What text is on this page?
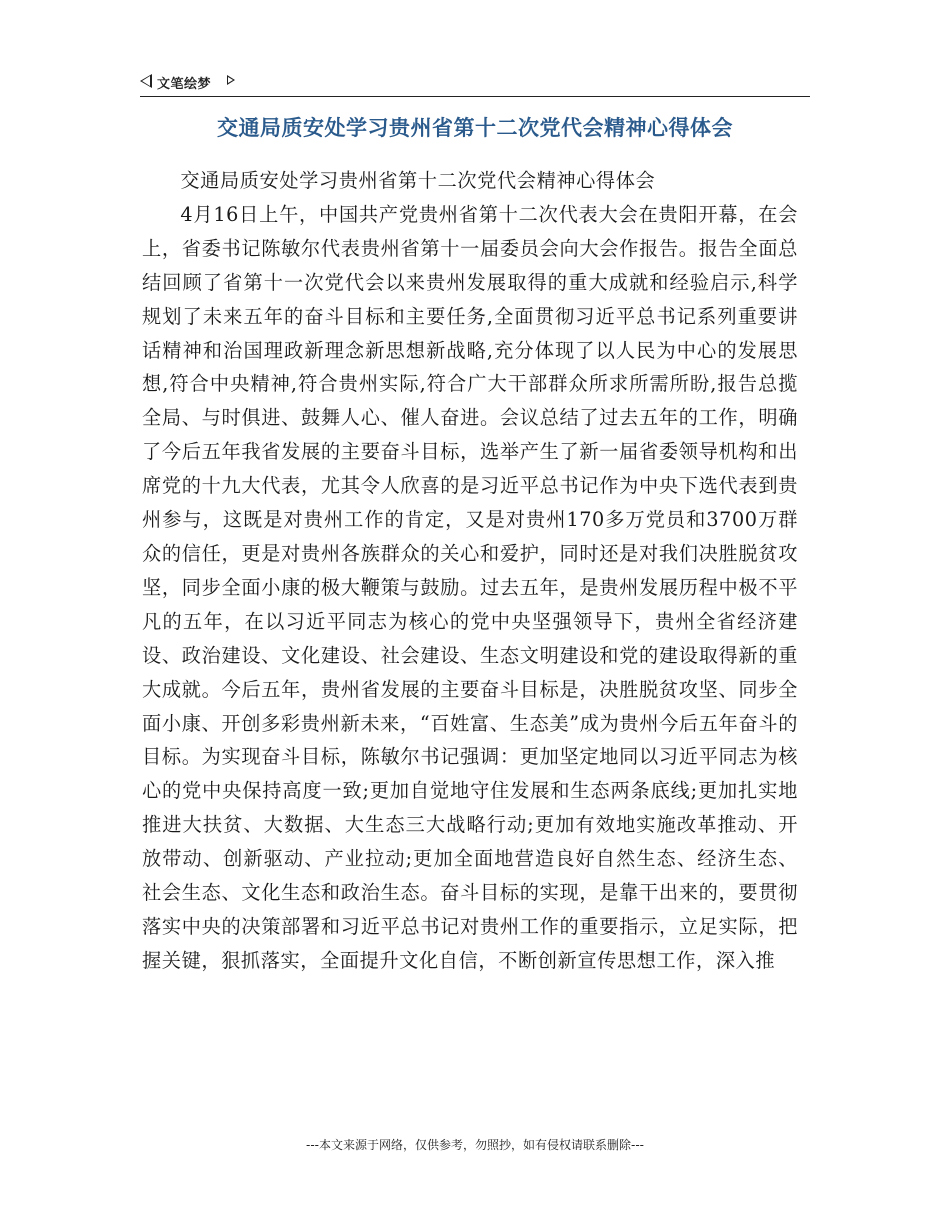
文笔绘梦
交通局质安处学习贵州省第十二次党代会精神心得体会

交通局质安处学习贵州省第十二次党代会精神心得体会

4月16日上午，中国共产党贵州省第十二次代表大会在贵阳开幕，在会上，省委书记陈敏尔代表贵州省第十一届委员会向大会作报告。报告全面总结回顾了省第十一次党代会以来贵州发展取得的重大成就和经验启示,科学规划了未来五年的奋斗目标和主要任务,全面贯彻习近平总书记系列重要讲话精神和治国理政新理念新思想新战略,充分体现了以人民为中心的发展思想,符合中央精神,符合贵州实际,符合广大干部群众所求所需所盼,报告总揽全局、与时俱进、鼓舞人心、催人奋进。会议总结了过去五年的工作，明确了今后五年我省发展的主要奋斗目标，选举产生了新一届省委领导机构和出席党的十九大代表，尤其令人欣喜的是习近平总书记作为中央下选代表到贵州参与，这既是对贵州工作的肯定，又是对贵州170多万党员和3700万群众的信任，更是对贵州各族群众的关心和爱护，同时还是对我们决胜脱贫攻坚，同步全面小康的极大鞭策与鼓励。过去五年，是贵州发展历程中极不平凡的五年，在以习近平同志为核心的党中央坚强领导下，贵州全省经济建设、政治建设、文化建设、社会建设、生态文明建设和党的建设取得新的重大成就。今后五年，贵州省发展的主要奋斗目标是，决胜脱贫攻坚、同步全面小康、开创多彩贵州新未来，“百姓富、生态美”成为贵州今后五年奋斗的目标。为实现奋斗目标，陈敏尔书记强调：更加坚定地同以习近平同志为核心的党中央保持高度一致;更加自觉地守住发展和生态两条底线;更加扎实地推进大扶贫、大数据、大生态三大战略行动;更加有效地实施改革推动、开放带动、创新驱动、产业拉动;更加全面地营造良好自然生态、经济生态、社会生态、文化生态和政治生态。奋斗目标的实现，是靠干出来的，要贯彻落实中央的决策部署和习近平总书记对贵州工作的重要指示，立足实际，把握关键，狠抓落实，全面提升文化自信，不断创新宣传思想工作，深入推

---本文来源于网络，仅供参考，勿照抄，如有侵权请联系删除---
